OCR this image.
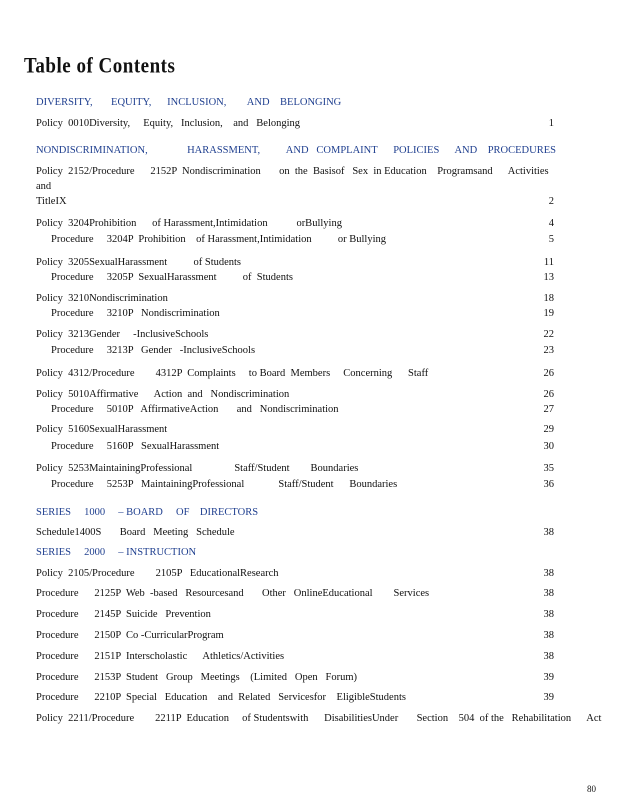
Table of Contents
DIVERSITY,       EQUITY,      INCLUSION,        AND    BELONGING
Policy  0010Diversity,     Equity,   Inclusion,    and   Belonging	1
NONDISCRIMINATION,               HARASSMENT,          AND   COMPLAINT      POLICIES      AND    PROCEDURES
Policy  2152/Procedure      2152P  Nondiscrimination       on  the  Basisof   Sex  in Education    Programsand      Activities
and
TitleIX	2
Policy  3204Prohibition      of Harassment,Intimidation           orBullying	4
Procedure     3204P  Prohibition    of Harassment,Intimidation          or Bullying	5
Policy  3205SexualHarassment          of Students	11
Procedure     3205P  SexualHarassment          of  Students	13
Policy  3210Nondiscrimination	18
Procedure     3210P   Nondiscrimination	19
Policy  3213Gender     -InclusiveSchools	22
Procedure     3213P   Gender   -InclusiveSchools	23
Policy  4312/Procedure        4312P  Complaints     to Board  Members     Concerning      Staff	26
Policy  5010Affirmative      Action  and   Nondiscrimination	26
Procedure     5010P   AffirmativeAction       and   Nondiscrimination	27
Policy  5160SexualHarassment	29
Procedure     5160P   SexualHarassment	30
Policy  5253MaintainingProfessional                Staff/Student        Boundaries	35
Procedure     5253P   MaintainingProfessional             Staff/Student      Boundaries	36
SERIES     1000     – BOARD     OF    DIRECTORS
Schedule1400S       Board   Meeting   Schedule	38
SERIES     2000     – INSTRUCTION
Policy  2105/Procedure        2105P   EducationalResearch	38
Procedure      2125P  Web  -based   Resourcesand       Other   OnlineEducational        Services	38
Procedure      2145P  Suicide   Prevention	38
Procedure      2150P  Co -CurricularProgram	38
Procedure      2151P  Interscholastic      Athletics/Activities	38
Procedure      2153P  Student   Group   Meetings    (Limited   Open   Forum)	39
Procedure      2210P  Special   Education    and  Related   Servicesfor    EligibleStudents	39
Policy  2211/Procedure        2211P  Education     of Studentswith      DisabilitiesUnder       Section    504  of the   Rehabilitation      Act
80
